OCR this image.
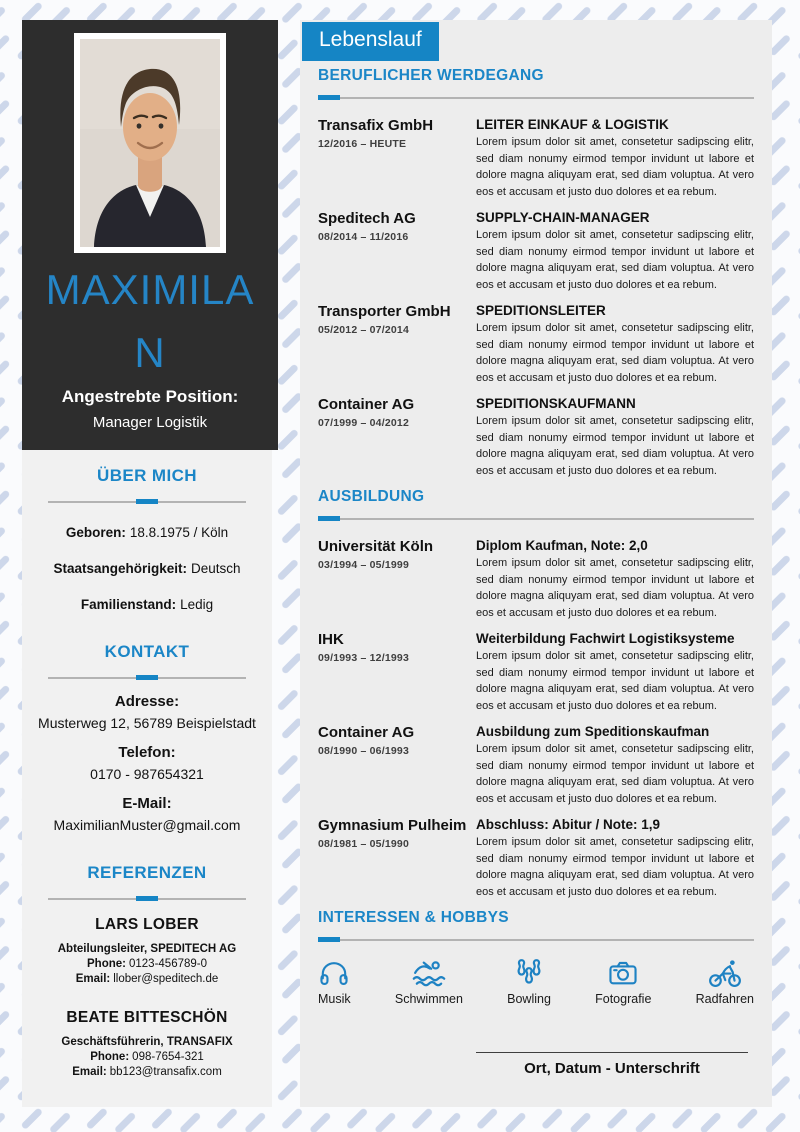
MAXIMILAN
Angestrebte Position:
Manager Logistik
ÜBER MICH
Geboren: 18.8.1975 / Köln
Staatsangehörigkeit: Deutsch
Familienstand: Ledig
KONTAKT
Adresse:
Musterweg 12, 56789 Beispielstadt
Telefon:
0170 - 987654321
E-Mail:
MaximilianMuster@gmail.com
REFERENZEN
LARS LOBER
Abteilungsleiter, SPEDITECH AG
Phone: 0123-456789-0
Email: llober@speditech.de
BEATE BITTESCHÖN
Geschäftsführerin, TRANSAFIX
Phone: 098-7654-321
Email: bb123@transafix.com
Lebenslauf
BERUFLICHER WERDEGANG
Transafix GmbH
12/2016 – HEUTE
LEITER EINKAUF & LOGISTIK
Lorem ipsum dolor sit amet, consetetur sadipscing elitr, sed diam nonumy eirmod tempor invidunt ut labore et dolore magna aliquyam erat, sed diam voluptua. At vero eos et accusam et justo duo dolores et ea rebum.
Speditech AG
08/2014 – 11/2016
SUPPLY-CHAIN-MANAGER
Lorem ipsum dolor sit amet, consetetur sadipscing elitr, sed diam nonumy eirmod tempor invidunt ut labore et dolore magna aliquyam erat, sed diam voluptua. At vero eos et accusam et justo duo dolores et ea rebum.
Transporter GmbH
05/2012 – 07/2014
SPEDITIONSLEITER
Lorem ipsum dolor sit amet, consetetur sadipscing elitr, sed diam nonumy eirmod tempor invidunt ut labore et dolore magna aliquyam erat, sed diam voluptua. At vero eos et accusam et justo duo dolores et ea rebum.
Container AG
07/1999 – 04/2012
SPEDITIONSKAUFMANN
Lorem ipsum dolor sit amet, consetetur sadipscing elitr, sed diam nonumy eirmod tempor invidunt ut labore et dolore magna aliquyam erat, sed diam voluptua. At vero eos et accusam et justo duo dolores et ea rebum.
AUSBILDUNG
Universität Köln
03/1994 – 05/1999
Diplom Kaufman, Note: 2,0
Lorem ipsum dolor sit amet, consetetur sadipscing elitr, sed diam nonumy eirmod tempor invidunt ut labore et dolore magna aliquyam erat, sed diam voluptua. At vero eos et accusam et justo duo dolores et ea rebum.
IHK
09/1993 – 12/1993
Weiterbildung Fachwirt Logistiksysteme
Lorem ipsum dolor sit amet, consetetur sadipscing elitr, sed diam nonumy eirmod tempor invidunt ut labore et dolore magna aliquyam erat, sed diam voluptua. At vero eos et accusam et justo duo dolores et ea rebum.
Container AG
08/1990 – 06/1993
Ausbildung zum Speditionskaufman
Lorem ipsum dolor sit amet, consetetur sadipscing elitr, sed diam nonumy eirmod tempor invidunt ut labore et dolore magna aliquyam erat, sed diam voluptua. At vero eos et accusam et justo duo dolores et ea rebum.
Gymnasium Pulheim
08/1981 – 05/1990
Abschluss: Abitur / Note: 1,9
Lorem ipsum dolor sit amet, consetetur sadipscing elitr, sed diam nonumy eirmod tempor invidunt ut labore et dolore magna aliquyam erat, sed diam voluptua. At vero eos et accusam et justo duo dolores et ea rebum.
INTERESSEN & HOBBYS
Musik	Schwimmen	Bowling	Fotografie	Radfahren
Ort, Datum - Unterschrift
